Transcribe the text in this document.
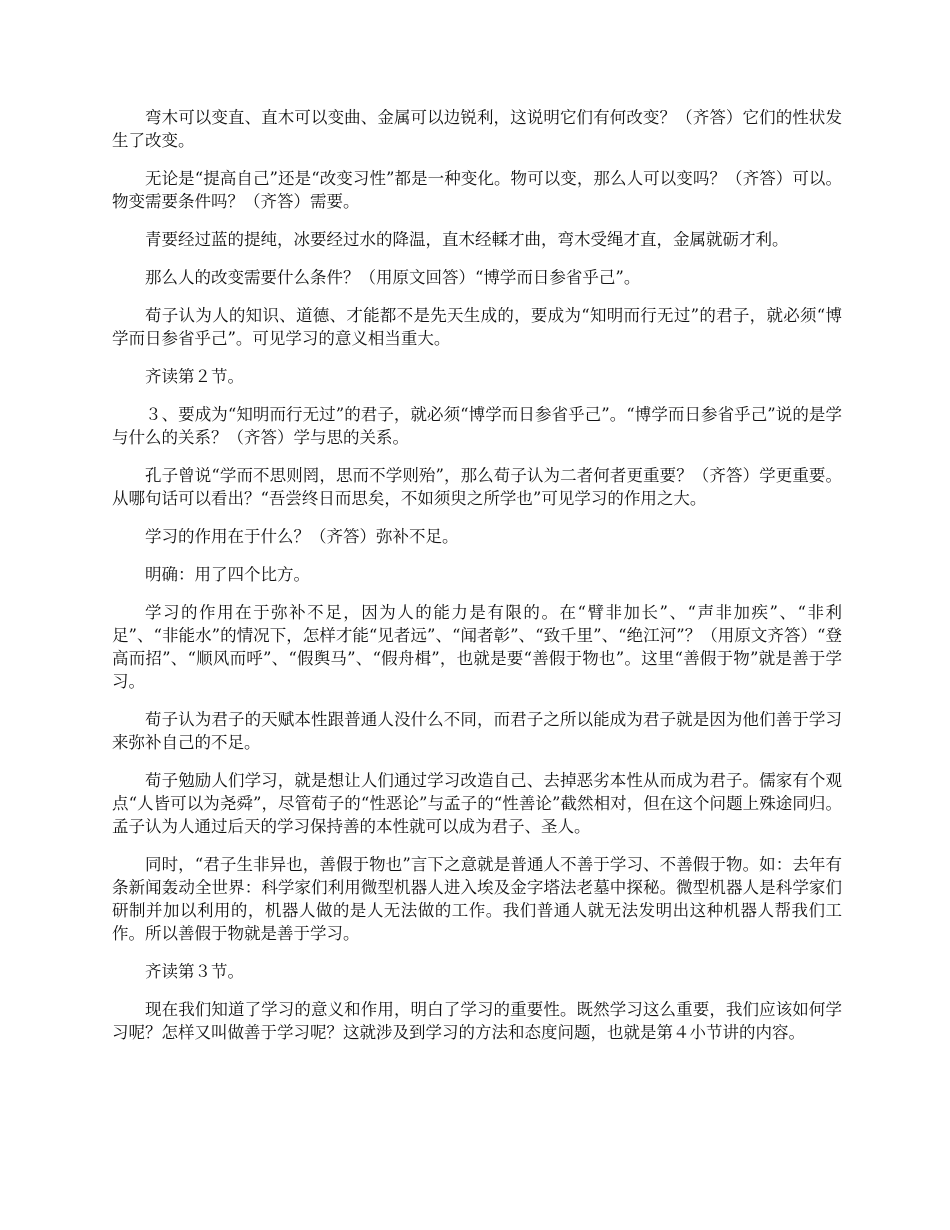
弯木可以变直、直木可以变曲、金属可以边锐利，这说明它们有何改变？（齐答）它们的性状发生了改变。

无论是“提高自己”还是“改变习性”都是一种变化。物可以变，那么人可以变吗？（齐答）可以。物变需要条件吗？（齐答）需要。

青要经过蓝的提纯，冰要经过水的降温，直木经輮才曲，弯木受绳才直，金属就砺才利。

那么人的改变需要什么条件？（用原文回答）“博学而日参省乎己”。

荀子认为人的知识、道德、才能都不是先天生成的，要成为“知明而行无过”的君子，就必须“博学而日参省乎己”。可见学习的意义相当重大。

齐读第２节。

３、要成为“知明而行无过”的君子，就必须“博学而日参省乎己”。“博学而日参省乎己”说的是学与什么的关系？（齐答）学与思的关系。

孔子曾说“学而不思则罔，思而不学则殆”，那么荀子认为二者何者更重要？（齐答）学更重要。从哪句话可以看出？“吾尝终日而思矣，不如须臾之所学也”可见学习的作用之大。

学习的作用在于什么？（齐答）弥补不足。

明确：用了四个比方。

学习的作用在于弥补不足，因为人的能力是有限的。在“臂非加长”、“声非加疾”、“非利足”、“非能水”的情况下，怎样才能“见者远”、“闻者彰”、“致千里”、“绝江河”？（用原文齐答）“登高而招”、“顺风而呼”、“假舆马”、“假舟楫”，也就是要“善假于物也”。这里“善假于物”就是善于学习。

荀子认为君子的天赋本性跟普通人没什么不同，而君子之所以能成为君子就是因为他们善于学习来弥补自己的不足。

荀子勉励人们学习，就是想让人们通过学习改造自己、去掉恶劣本性从而成为君子。儒家有个观点“人皆可以为尧舜”，尽管荀子的“性恶论”与孟子的“性善论”截然相对，但在这个问题上殊途同归。孟子认为人通过后天的学习保持善的本性就可以成为君子、圣人。

同时，“君子生非异也，善假于物也”言下之意就是普通人不善于学习、不善假于物。如：去年有条新闻轰动全世界：科学家们利用微型机器人进入埃及金字塔法老墓中探秘。微型机器人是科学家们研制并加以利用的，机器人做的是人无法做的工作。我们普通人就无法发明出这种机器人帮我们工作。所以善假于物就是善于学习。

齐读第３节。

现在我们知道了学习的意义和作用，明白了学习的重要性。既然学习这么重要，我们应该如何学习呢？怎样又叫做善于学习呢？这就涉及到学习的方法和态度问题，也就是第４小节讲的内容。
